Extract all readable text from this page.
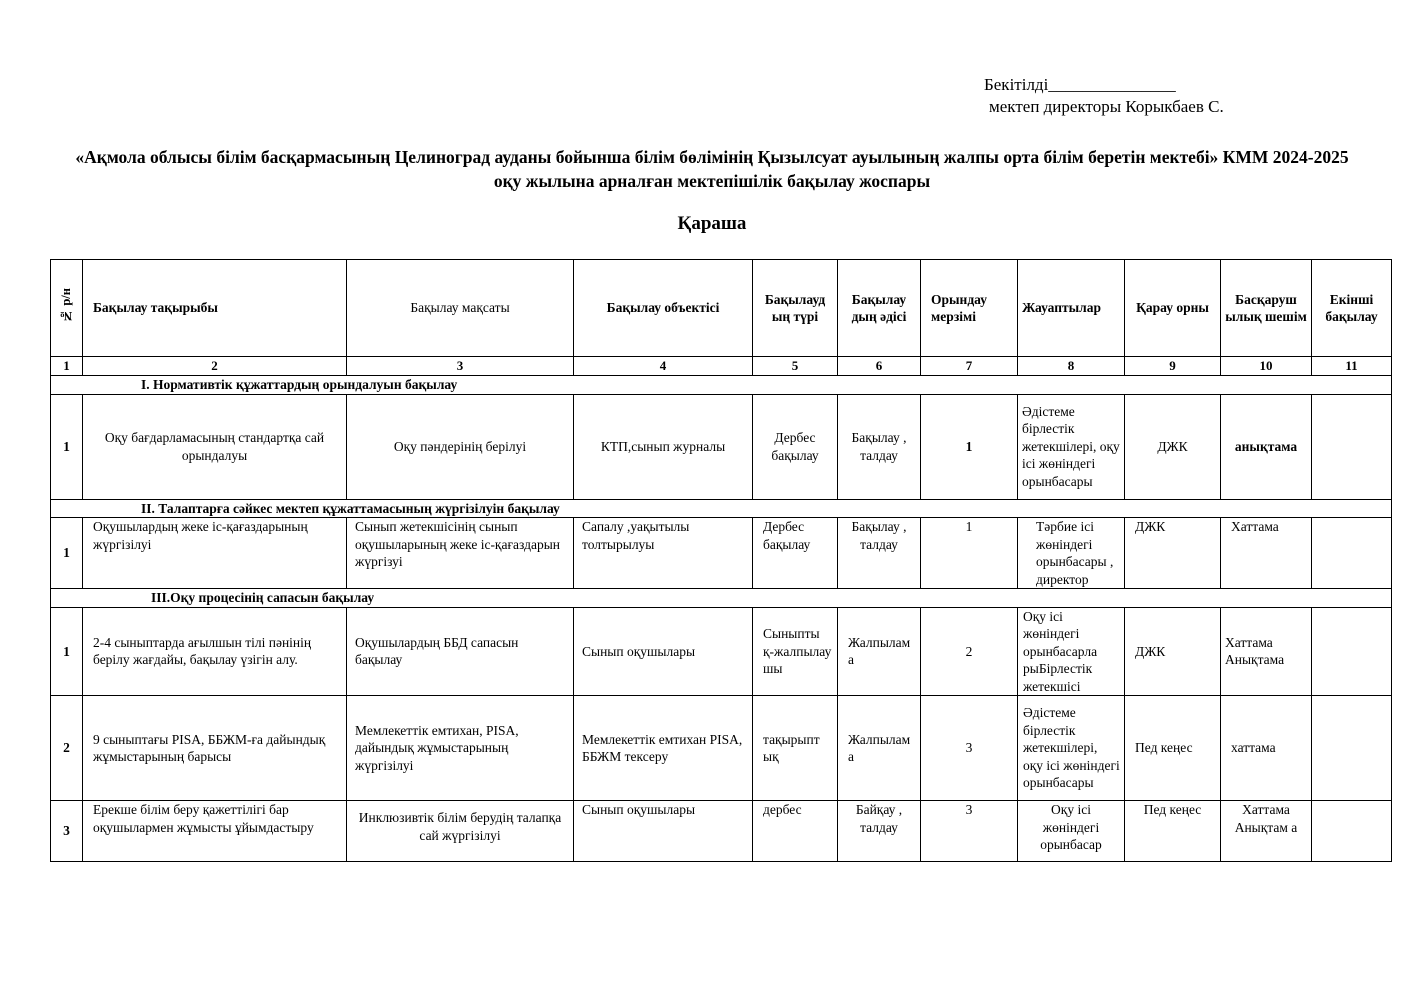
Бекітілді_______________
мектеп директоры Корыкбаев С.
«Ақмола облысы білім басқармасының Целиноград ауданы бойынша білім бөлімінің Қызылсуат ауылының жалпы орта білім беретін мектебі» КММ 2024-2025 оқу жылына арналған мектепішілік бақылау жоспары
Қараша
№ р/н	Бақылау тақырыбы	Бақылау мақсаты	Бақылау объектісі	Бақылауд ың түрі	Бақылау дың әдісі	Орындау мерзімі	Жауаптылар	Қарау орны	Басқаруш ылық шешім	Екінші бақылау
1	2	3	4	5	6	7	8	9	10	11
I. Нормативтік құжаттардың орындалуын бақылау										
1	Оқу бағдарламасының стандартқа сай орындалуы	Оқу пәндерінің берілуі	КТП,сынып журналы	Дербес бақылау	Бақылау , талдау	1	Әдістеме бірлестік жетекшілері, оқу ісі жөніндегі орынбасары	ДЖК	анықтама	
II. Талаптарға сәйкес мектеп құжаттамасының жүргізілуін бақылау										
1	Оқушылардың жеке іс-қағаздарының жүргізілуі	Сынып жетекшісінің сынып оқушыларының жеке іс-қағаздарын жүргізуі	Сапалу ,уақытылы толтырылуы	Дербес бақылау	Бақылау , талдау	1	Тәрбие ісі жөніндегі орынбасары , директор	ДЖК	Хаттама	
III.Оқу процесінің сапасын бақылау										
1	2-4 сыныптарда ағылшын тілі пәнінің берілу жағдайы, бақылау үзігін алу.	Оқушылардың ББД сапасын бақылау	Сынып оқушылары	Сыныпты қ-жалпылау шы	Жалпылам а	2	Оқу ісі жөніндегі орынбасарла рыБірлестік жетекшісі	ДЖК	Хаттама Анықтама	
2	9 сыныптағы PISA, ББЖМ-ға дайындық жұмыстарының барысы	Мемлекеттік емтихан, PISA, дайындық жұмыстарының жүргізілуі	Мемлекеттік емтихан PISA, ББЖМ тексеру	тақырыпт ық	Жалпылам а	3	Әдістеме бірлестік жетекшілері, оқу ісі жөніндегі орынбасары	Пед кеңес	хаттама	
3	Ерекше білім беру қажеттілігі бар оқушылармен жұмысты ұйымдастыру	Инклюзивтік білім берудің талапқа сай жүргізілуі	Сынып оқушылары	дербес	Байқау , талдау	3	Оқу ісі жөніндегі орынбасар	Пед кеңес	Хаттама Анықтам а	
